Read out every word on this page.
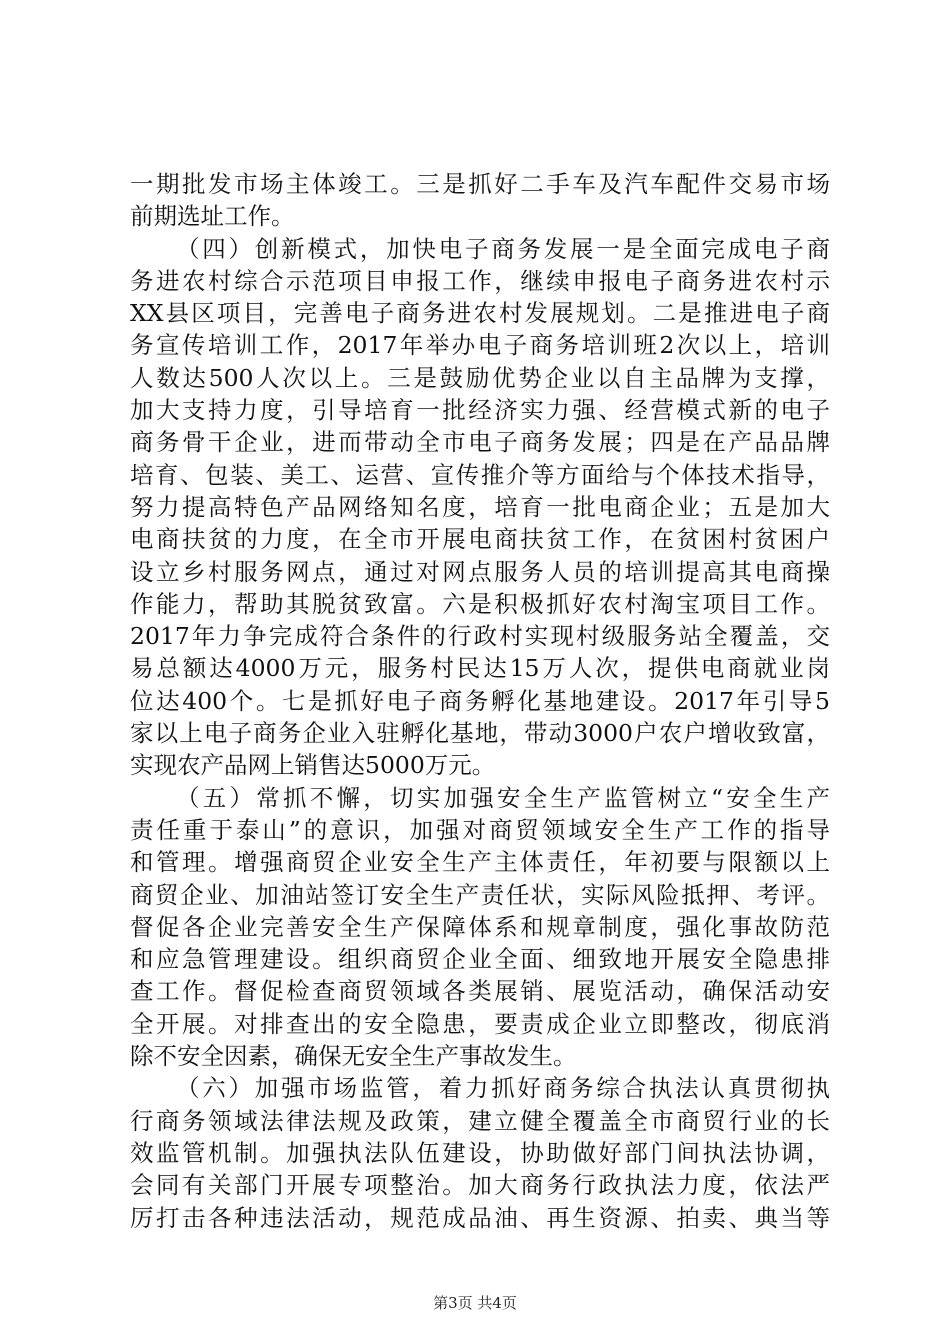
一期批发市场主体竣工。三是抓好二手车及汽车配件交易市场
前期选址工作。
（四）创新模式，加快电子商务发展一是全面完成电子商
务进农村综合示范项目申报工作，继续申报电子商务进农村示
XX县区项目，完善电子商务进农村发展规划。二是推进电子商
务宣传培训工作，2017年举办电子商务培训班2次以上，培训
人数达500人次以上。三是鼓励优势企业以自主品牌为支撑，
加大支持力度，引导培育一批经济实力强、经营模式新的电子
商务骨干企业，进而带动全市电子商务发展；四是在产品品牌
培育、包装、美工、运营、宣传推介等方面给与个体技术指导，
努力提高特色产品网络知名度，培育一批电商企业；五是加大
电商扶贫的力度，在全市开展电商扶贫工作，在贫困村贫困户
设立乡村服务网点，通过对网点服务人员的培训提高其电商操
作能力，帮助其脱贫致富。六是积极抓好农村淘宝项目工作。
2017年力争完成符合条件的行政村实现村级服务站全覆盖，交
易总额达4000万元，服务村民达15万人次，提供电商就业岗
位达400个。七是抓好电子商务孵化基地建设。2017年引导5
家以上电子商务企业入驻孵化基地，带动3000户农户增收致富，
实现农产品网上销售达5000万元。
（五）常抓不懈，切实加强安全生产监管树立“安全生产
责任重于泰山”的意识，加强对商贸领域安全生产工作的指导
和管理。增强商贸企业安全生产主体责任，年初要与限额以上
商贸企业、加油站签订安全生产责任状，实际风险抵押、考评。
督促各企业完善安全生产保障体系和规章制度，强化事故防范
和应急管理建设。组织商贸企业全面、细致地开展安全隐患排
查工作。督促检查商贸领域各类展销、展览活动，确保活动安
全开展。对排查出的安全隐患，要责成企业立即整改，彻底消
除不安全因素，确保无安全生产事故发生。
（六）加强市场监管，着力抓好商务综合执法认真贯彻执
行商务领域法律法规及政策，建立健全覆盖全市商贸行业的长
效监管机制。加强执法队伍建设，协助做好部门间执法协调，
会同有关部门开展专项整治。加大商务行政执法力度，依法严
厉打击各种违法活动，规范成品油、再生资源、拍卖、典当等
第3页 共4页
